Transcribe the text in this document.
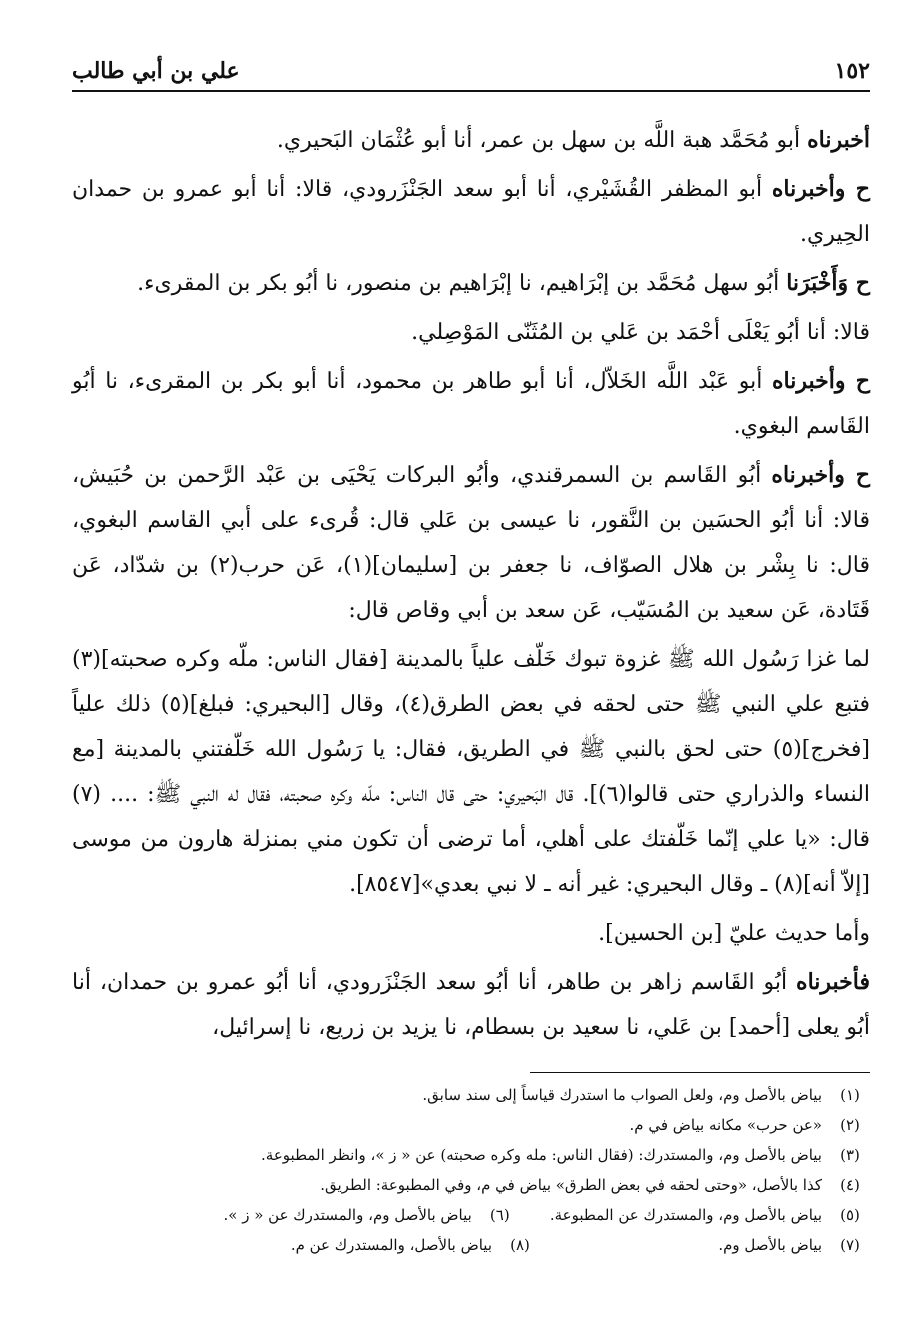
١٥٢
علي بن أبي طالب

أخبرناه أبو مُحَمَّد هبة اللَّه بن سهل بن عمر، أنا أبو عُثْمَان البَحيري.

ح وأخبرناه أبو المظفر القُشَيْري، أنا أبو سعد الجَنْزَرودي، قالا: أنا أبو عمرو بن حمدان الحِيري.

ح وَأَخْبَرَنا أبُو سهل مُحَمَّد بن إبْرَاهيم، نا إبْرَاهيم بن منصور، نا أبُو بكر بن المقرىء.

قالا: أنا أبُو يَعْلَى أحْمَد بن عَلي بن المُثَنّى المَوْصِلي.

ح وأخبرناه أبو عَبْد اللَّه الخَلاّل، أنا أبو طاهر بن محمود، أنا أبو بكر بن المقرىء، نا أبُو القَاسم البغوي.

ح وأخبرناه أبُو القَاسم بن السمرقندي، وأبُو البركات يَحْيَى بن عَبْد الرَّحمن بن حُبَيش، قالا: أنا أبُو الحسَين بن النَّقور، نا عيسى بن عَلي قال: قُرىء على أبي القاسم البغوي، قال: نا بِشْر بن هلال الصوّاف، نا جعفر بن [سليمان](١)، عَن حرب(٢) بن شدّاد، عَن قَتَادة، عَن سعيد بن المُسَيّب، عَن سعد بن أبي وقاص قال:

لما غزا رَسُول الله ﷺ غزوة تبوك خَلّف علياً بالمدينة [فقال الناس: ملّه وكره صحبته](٣) فتبع علي النبي ﷺ حتى لحقه في بعض الطرق(٤)، وقال [البحيري: فبلغ](٥) ذلك علياً [فخرج](٥) حتى لحق بالنبي ﷺ في الطريق، فقال: يا رَسُول الله خَلّفتني بالمدينة [مع النساء والذراري حتى قالوا(٦)]. قال البَحيري: حتى قال الناس: ملّه وكره صحبته، فقال له النبي ﷺ: .... (٧) قال: «يا علي إنّما خَلّفتك على أهلي، أما ترضى أن تكون مني بمنزلة هارون من موسى [إلاّ أنه](٨) ـ وقال البحيري: غير أنه ـ لا نبي بعدي»[٨٥٤٧].

وأما حديث عليّ [بن الحسين].

فأخبرناه أبُو القَاسم زاهر بن طاهر، أنا أبُو سعد الجَنْزَرودي، أنا أبُو عمرو بن حمدان، أنا أبُو يعلى [أحمد] بن عَلي، نا سعيد بن بسطام، نا يزيد بن زريع، نا إسرائيل،

(١)
بياض بالأصل وم، ولعل الصواب ما استدرك قياساً إلى سند سابق.
(٢)
«عن حرب» مكانه بياض في م.
(٣)
بياض بالأصل وم، والمستدرك: (فقال الناس: مله وكره صحبته) عن « ز »، وانظر المطبوعة.
(٤)
كذا بالأصل، «وحتى لحقه في بعض الطرق» بياض في م، وفي المطبوعة: الطريق.
(٥)
بياض بالأصل وم، والمستدرك عن المطبوعة.
(٦)
بياض بالأصل وم، والمستدرك عن « ز ».
(٧)
بياض بالأصل وم.
(٨)
بياض بالأصل، والمستدرك عن م.
